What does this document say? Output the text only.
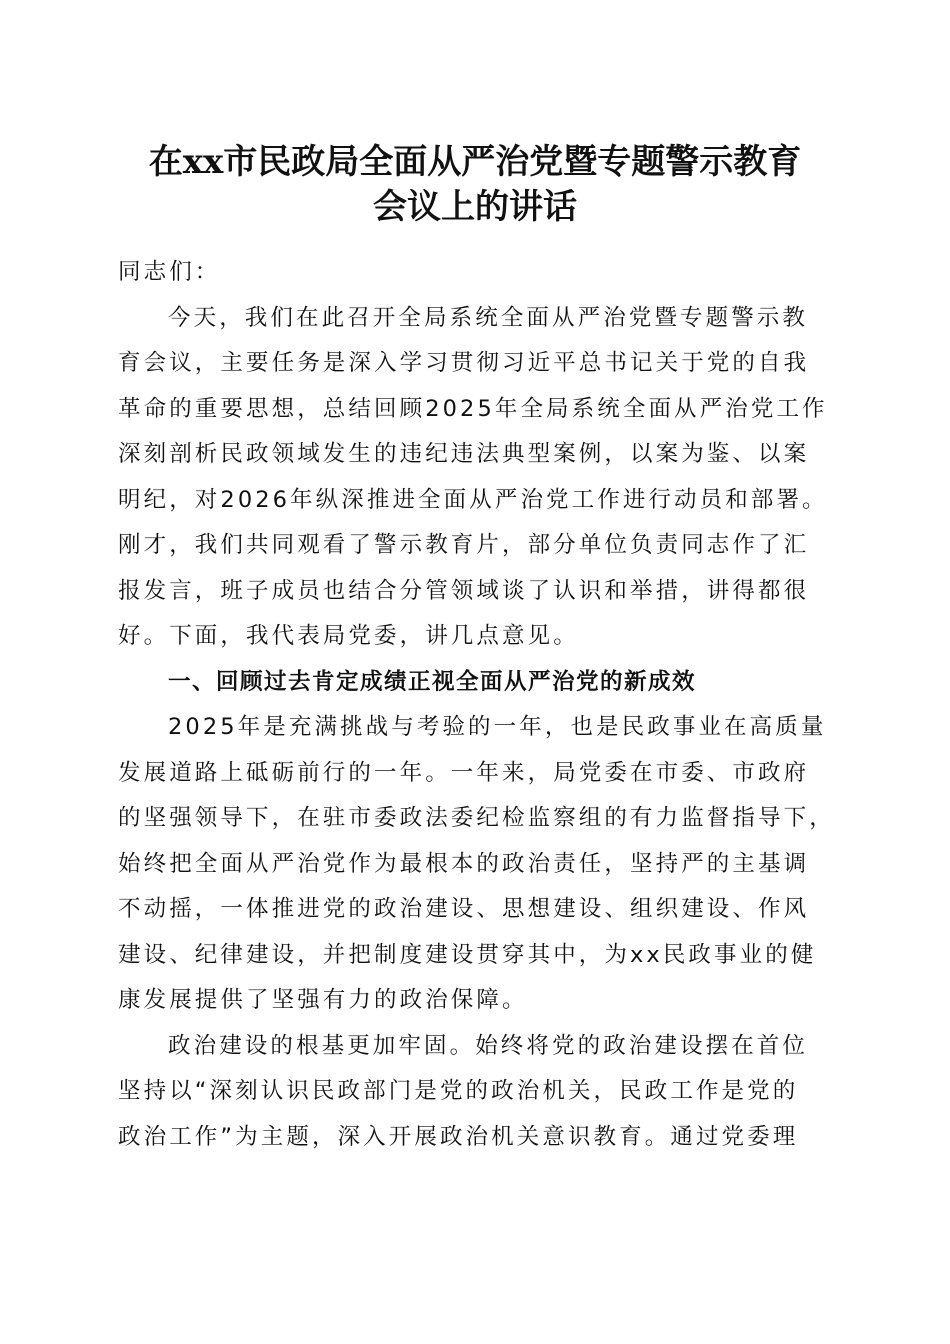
在xx市民政局全面从严治党暨专题警示教育
会议上的讲话
同志们：
今天，我们在此召开全局系统全面从严治党暨专题警示教
育会议，主要任务是深入学习贯彻习近平总书记关于党的自我
革命的重要思想，总结回顾2025年全局系统全面从严治党工作
深刻剖析民政领域发生的违纪违法典型案例，以案为鉴、以案
明纪，对2026年纵深推进全面从严治党工作进行动员和部署。
刚才，我们共同观看了警示教育片，部分单位负责同志作了汇
报发言，班子成员也结合分管领域谈了认识和举措，讲得都很
好。下面，我代表局党委，讲几点意见。
一、回顾过去肯定成绩正视全面从严治党的新成效
2025年是充满挑战与考验的一年，也是民政事业在高质量
发展道路上砥砺前行的一年。一年来，局党委在市委、市政府
的坚强领导下，在驻市委政法委纪检监察组的有力监督指导下，
始终把全面从严治党作为最根本的政治责任，坚持严的主基调
不动摇，一体推进党的政治建设、思想建设、组织建设、作风
建设、纪律建设，并把制度建设贯穿其中，为xx民政事业的健
康发展提供了坚强有力的政治保障。
政治建设的根基更加牢固。始终将党的政治建设摆在首位
坚持以“深刻认识民政部门是党的政治机关，民政工作是党的
政治工作”为主题，深入开展政治机关意识教育。通过党委理
